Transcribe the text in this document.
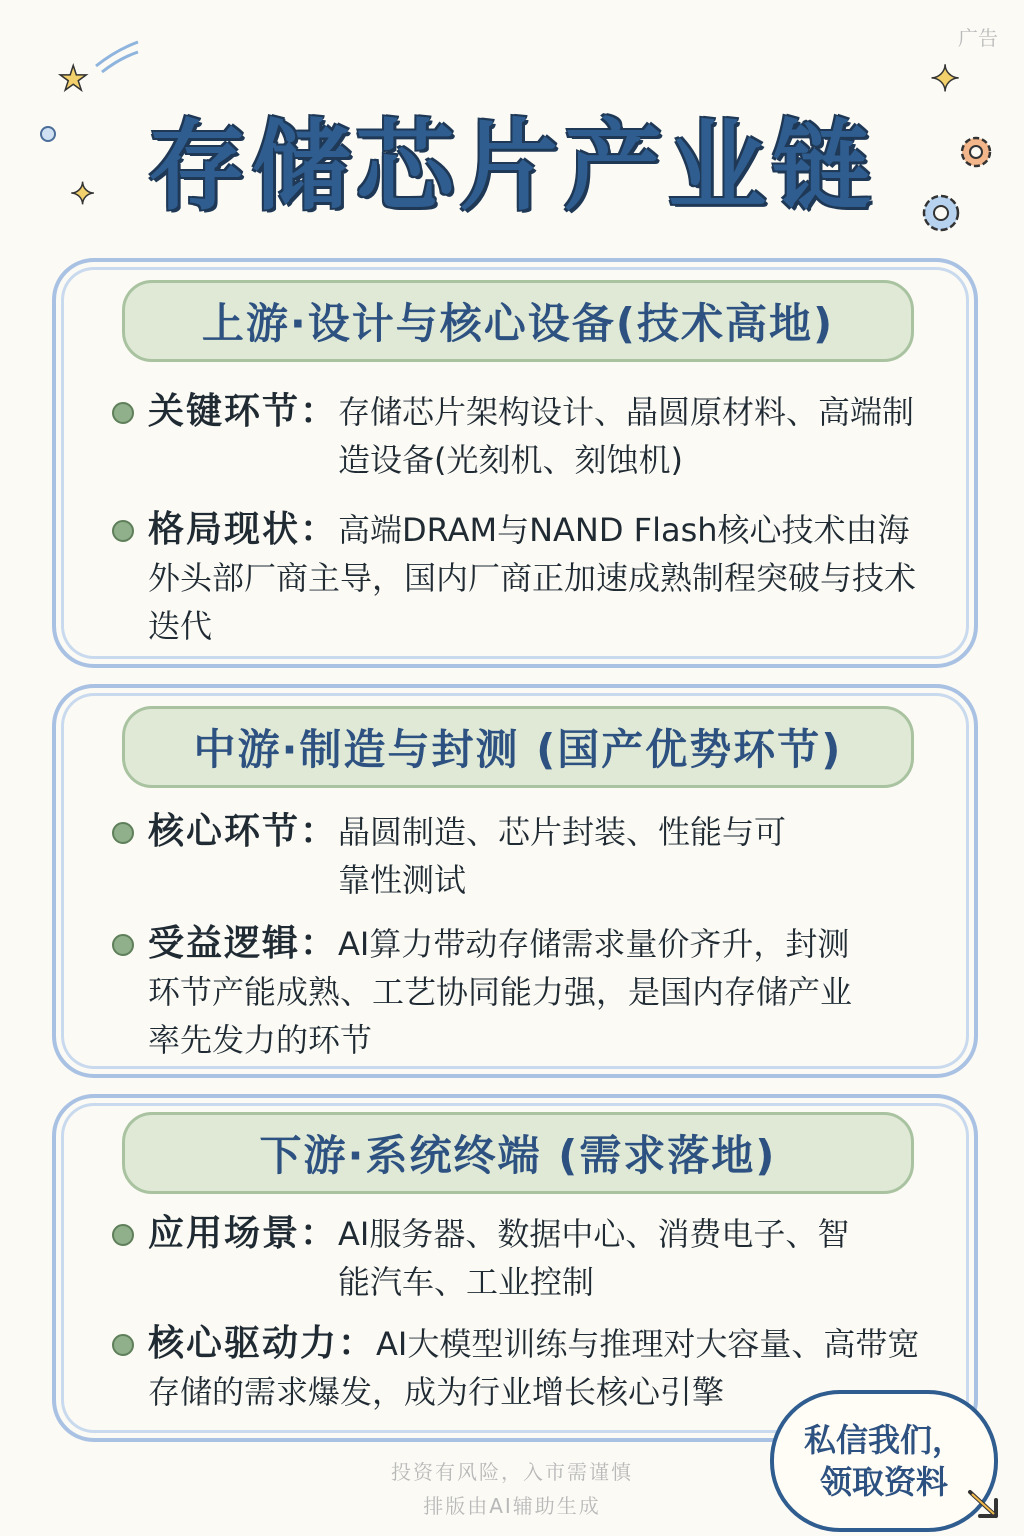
广告
★
✦
✦
存储芯片产业链
上游·设计与核心设备(技术高地)
关键环节： 存储芯片架构设计、晶圆原材料、高端制造设备(光刻机、刻蚀机)
格局现状：高端DRAM与NAND Flash核心技术由海外头部厂商主导，国内厂商正加速成熟制程突破与技术迭代
中游·制造与封测 (国产优势环节)
核心环节： 晶圆制造、芯片封装、性能与可靠性测试
受益逻辑：AI算力带动存储需求量价齐升，封测环节产能成熟、工艺协同能力强，是国内存储产业率先发力的环节
下游·系统终端 (需求落地)
应用场景： AI服务器、数据中心、消费电子、智能汽车、工业控制
核心驱动力：AI大模型训练与推理对大容量、高带宽存储的需求爆发，成为行业增长核心引擎
投资有风险，入市需谨慎
排版由AI辅助生成
私信我们，
领取资料
